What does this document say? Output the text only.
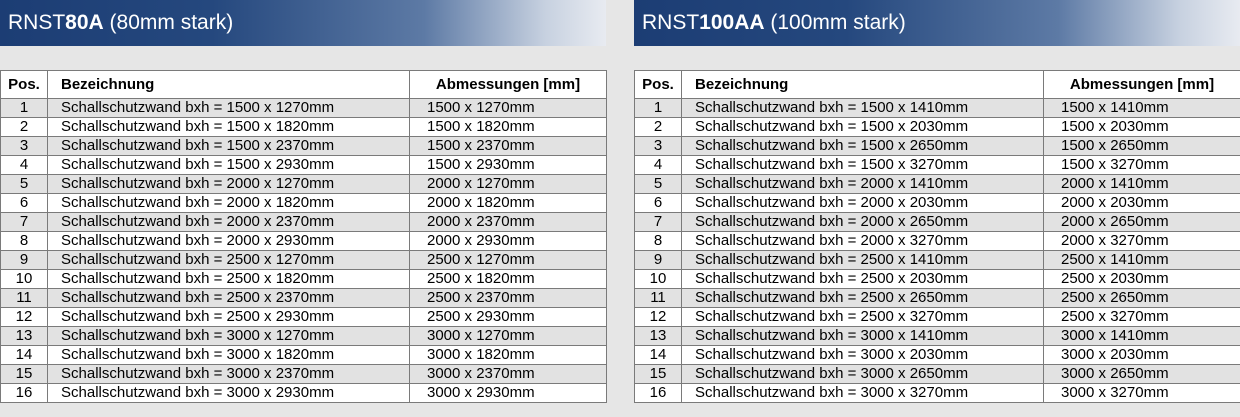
RNST80A (80mm stark)
Pos.	Bezeichnung	Abmessungen [mm]
1	Schallschutzwand bxh = 1500 x 1270mm	1500 x 1270mm
2	Schallschutzwand bxh = 1500 x 1820mm	1500 x 1820mm
3	Schallschutzwand bxh = 1500 x 2370mm	1500 x 2370mm
4	Schallschutzwand bxh = 1500 x 2930mm	1500 x 2930mm
5	Schallschutzwand bxh = 2000 x 1270mm	2000 x 1270mm
6	Schallschutzwand bxh = 2000 x 1820mm	2000 x 1820mm
7	Schallschutzwand bxh = 2000 x 2370mm	2000 x 2370mm
8	Schallschutzwand bxh = 2000 x 2930mm	2000 x 2930mm
9	Schallschutzwand bxh = 2500 x 1270mm	2500 x 1270mm
10	Schallschutzwand bxh = 2500 x 1820mm	2500 x 1820mm
11	Schallschutzwand bxh = 2500 x 2370mm	2500 x 2370mm
12	Schallschutzwand bxh = 2500 x 2930mm	2500 x 2930mm
13	Schallschutzwand bxh = 3000 x 1270mm	3000 x 1270mm
14	Schallschutzwand bxh = 3000 x 1820mm	3000 x 1820mm
15	Schallschutzwand bxh = 3000 x 2370mm	3000 x 2370mm
16	Schallschutzwand bxh = 3000 x 2930mm	3000 x 2930mm
RNST100AA (100mm stark)
Pos.	Bezeichnung	Abmessungen [mm]
1	Schallschutzwand bxh = 1500 x 1410mm	1500 x 1410mm
2	Schallschutzwand bxh = 1500 x 2030mm	1500 x 2030mm
3	Schallschutzwand bxh = 1500 x 2650mm	1500 x 2650mm
4	Schallschutzwand bxh = 1500 x 3270mm	1500 x 3270mm
5	Schallschutzwand bxh = 2000 x 1410mm	2000 x 1410mm
6	Schallschutzwand bxh = 2000 x 2030mm	2000 x 2030mm
7	Schallschutzwand bxh = 2000 x 2650mm	2000 x 2650mm
8	Schallschutzwand bxh = 2000 x 3270mm	2000 x 3270mm
9	Schallschutzwand bxh = 2500 x 1410mm	2500 x 1410mm
10	Schallschutzwand bxh = 2500 x 2030mm	2500 x 2030mm
11	Schallschutzwand bxh = 2500 x 2650mm	2500 x 2650mm
12	Schallschutzwand bxh = 2500 x 3270mm	2500 x 3270mm
13	Schallschutzwand bxh = 3000 x 1410mm	3000 x 1410mm
14	Schallschutzwand bxh = 3000 x 2030mm	3000 x 2030mm
15	Schallschutzwand bxh = 3000 x 2650mm	3000 x 2650mm
16	Schallschutzwand bxh = 3000 x 3270mm	3000 x 3270mm
